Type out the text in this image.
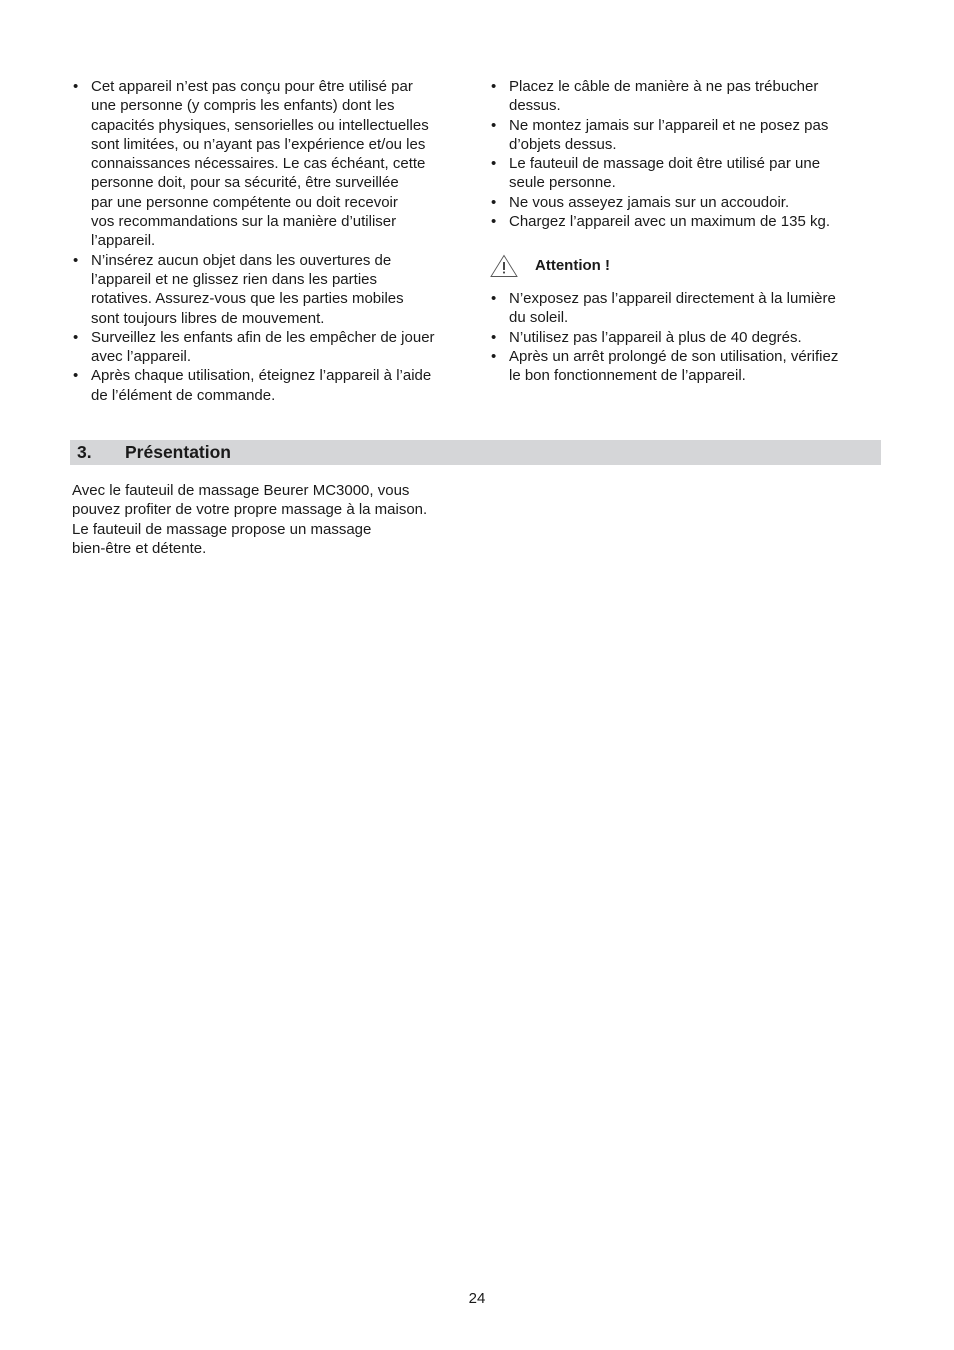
• Cet appareil n’est pas conçu pour être utilisé par
une personne (y compris les enfants) dont les
capacités physiques, sensorielles ou intellectuelles
sont limitées, ou n’ayant pas l’expérience et/ou les
connaissances nécessaires. Le cas échéant, cette
personne doit, pour sa sécurité, être surveillée
par une personne compétente ou doit recevoir
vos recommandations sur la manière d’utiliser
l’appareil.
• N’insérez aucun objet dans les ouvertures de
l’appareil et ne glissez rien dans les parties
rotatives. Assurez-vous que les parties mobiles
sont toujours libres de mouvement.
• Surveillez les enfants afin de les empêcher de jouer
avec l’appareil.
• Après chaque utilisation, éteignez l’appareil à l’aide
de l’élément de commande.
• Placez le câble de manière à ne pas trébucher
dessus.
• Ne montez jamais sur l’appareil et ne posez pas
d’objets dessus.
• Le fauteuil de massage doit être utilisé par une
seule personne.
• Ne vous asseyez jamais sur un accoudoir.
• Chargez l’appareil avec un maximum de 135 kg.
Attention !
• N’exposez pas l’appareil directement à la lumière
du soleil.
• N’utilisez pas l’appareil à plus de 40 degrés.
• Après un arrêt prolongé de son utilisation, vérifiez
le bon fonctionnement de l’appareil.
3. Présentation

Avec le fauteuil de massage Beurer MC3000, vous
pouvez profiter de votre propre massage à la maison.
Le fauteuil de massage propose un massage
bien-être et détente.

24
